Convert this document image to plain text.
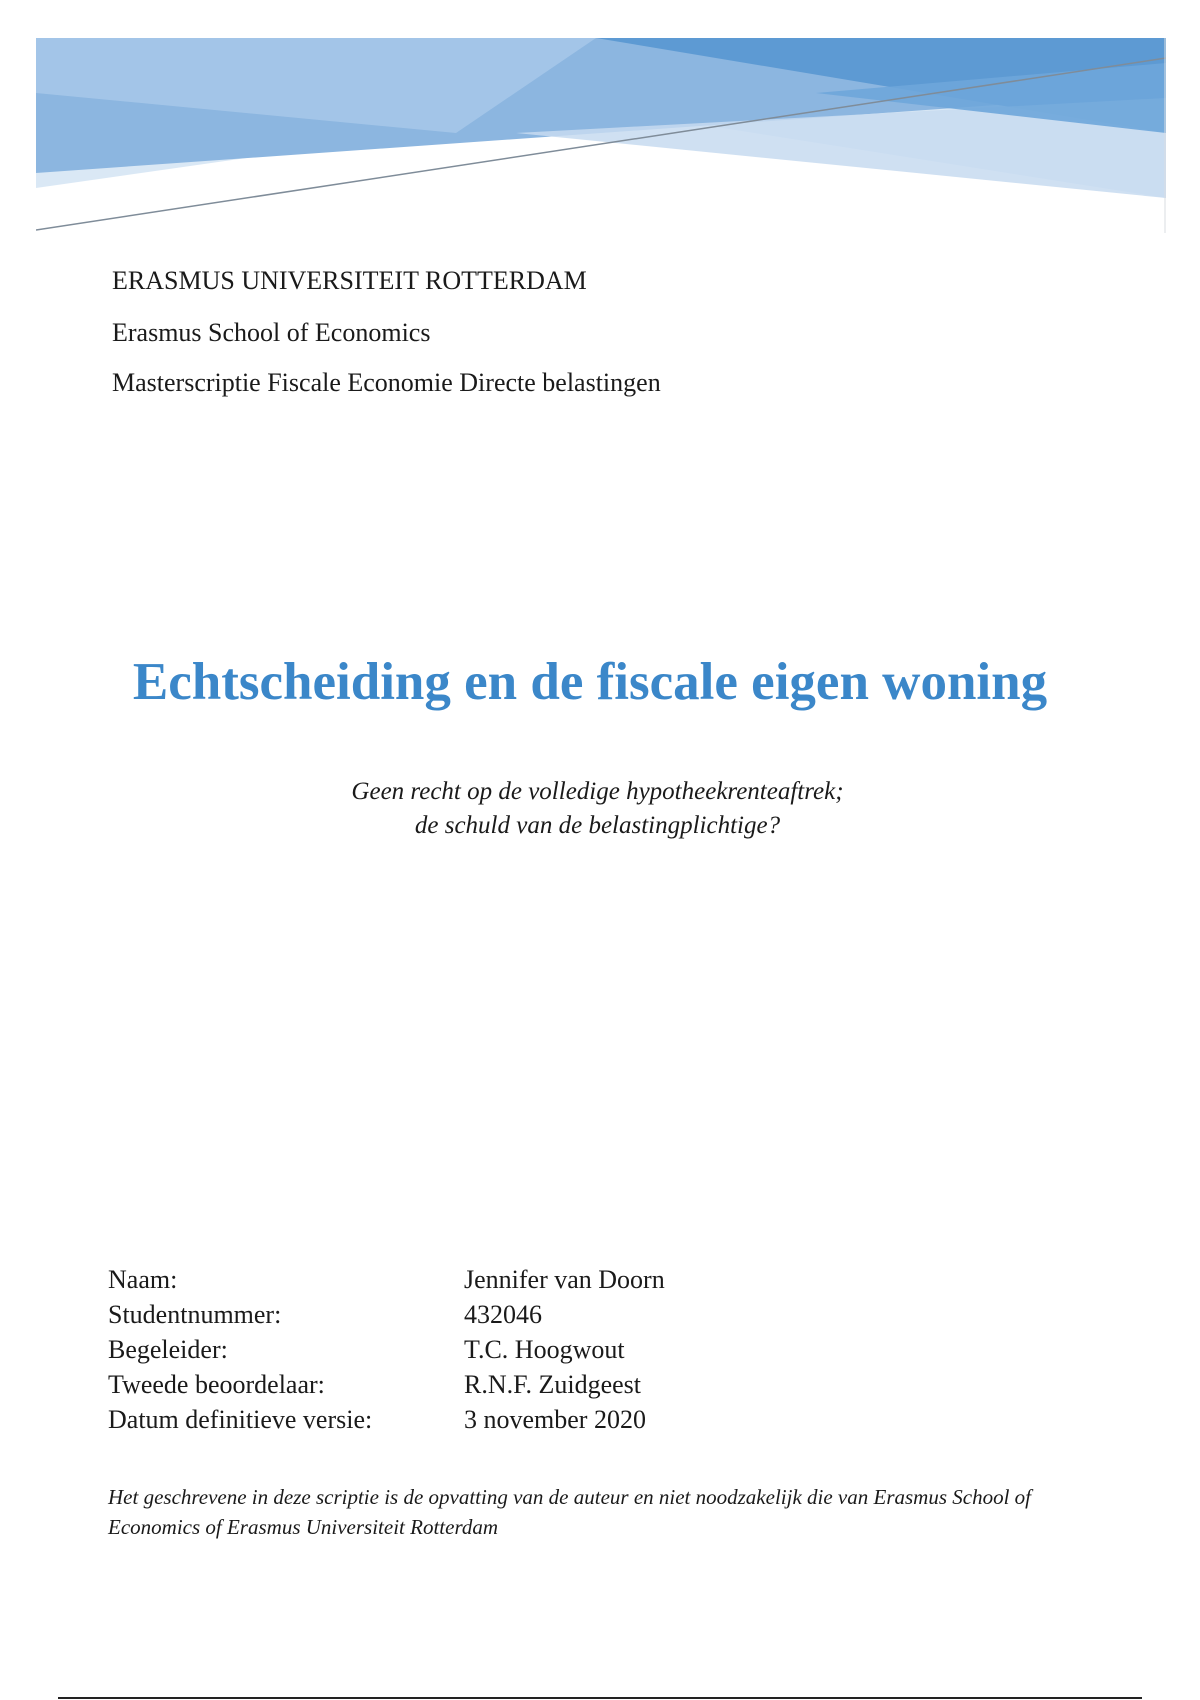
ERASMUS UNIVERSITEIT ROTTERDAM

Erasmus School of Economics

Masterscriptie Fiscale Economie Directe belastingen

Echtscheiding en de fiscale eigen woning
Geen recht op de volledige hypotheekrenteaftrek;
de schuld van de belastingplichtige?
Naam:	Jennifer van Doorn
Studentnummer:	432046
Begeleider:	T.C. Hoogwout
Tweede beoordelaar:	R.N.F. Zuidgeest
Datum definitieve versie:	3 november 2020

Het geschrevene in deze scriptie is de opvatting van de auteur en niet noodzakelijk die van Erasmus School of Economics of Erasmus Universiteit Rotterdam
